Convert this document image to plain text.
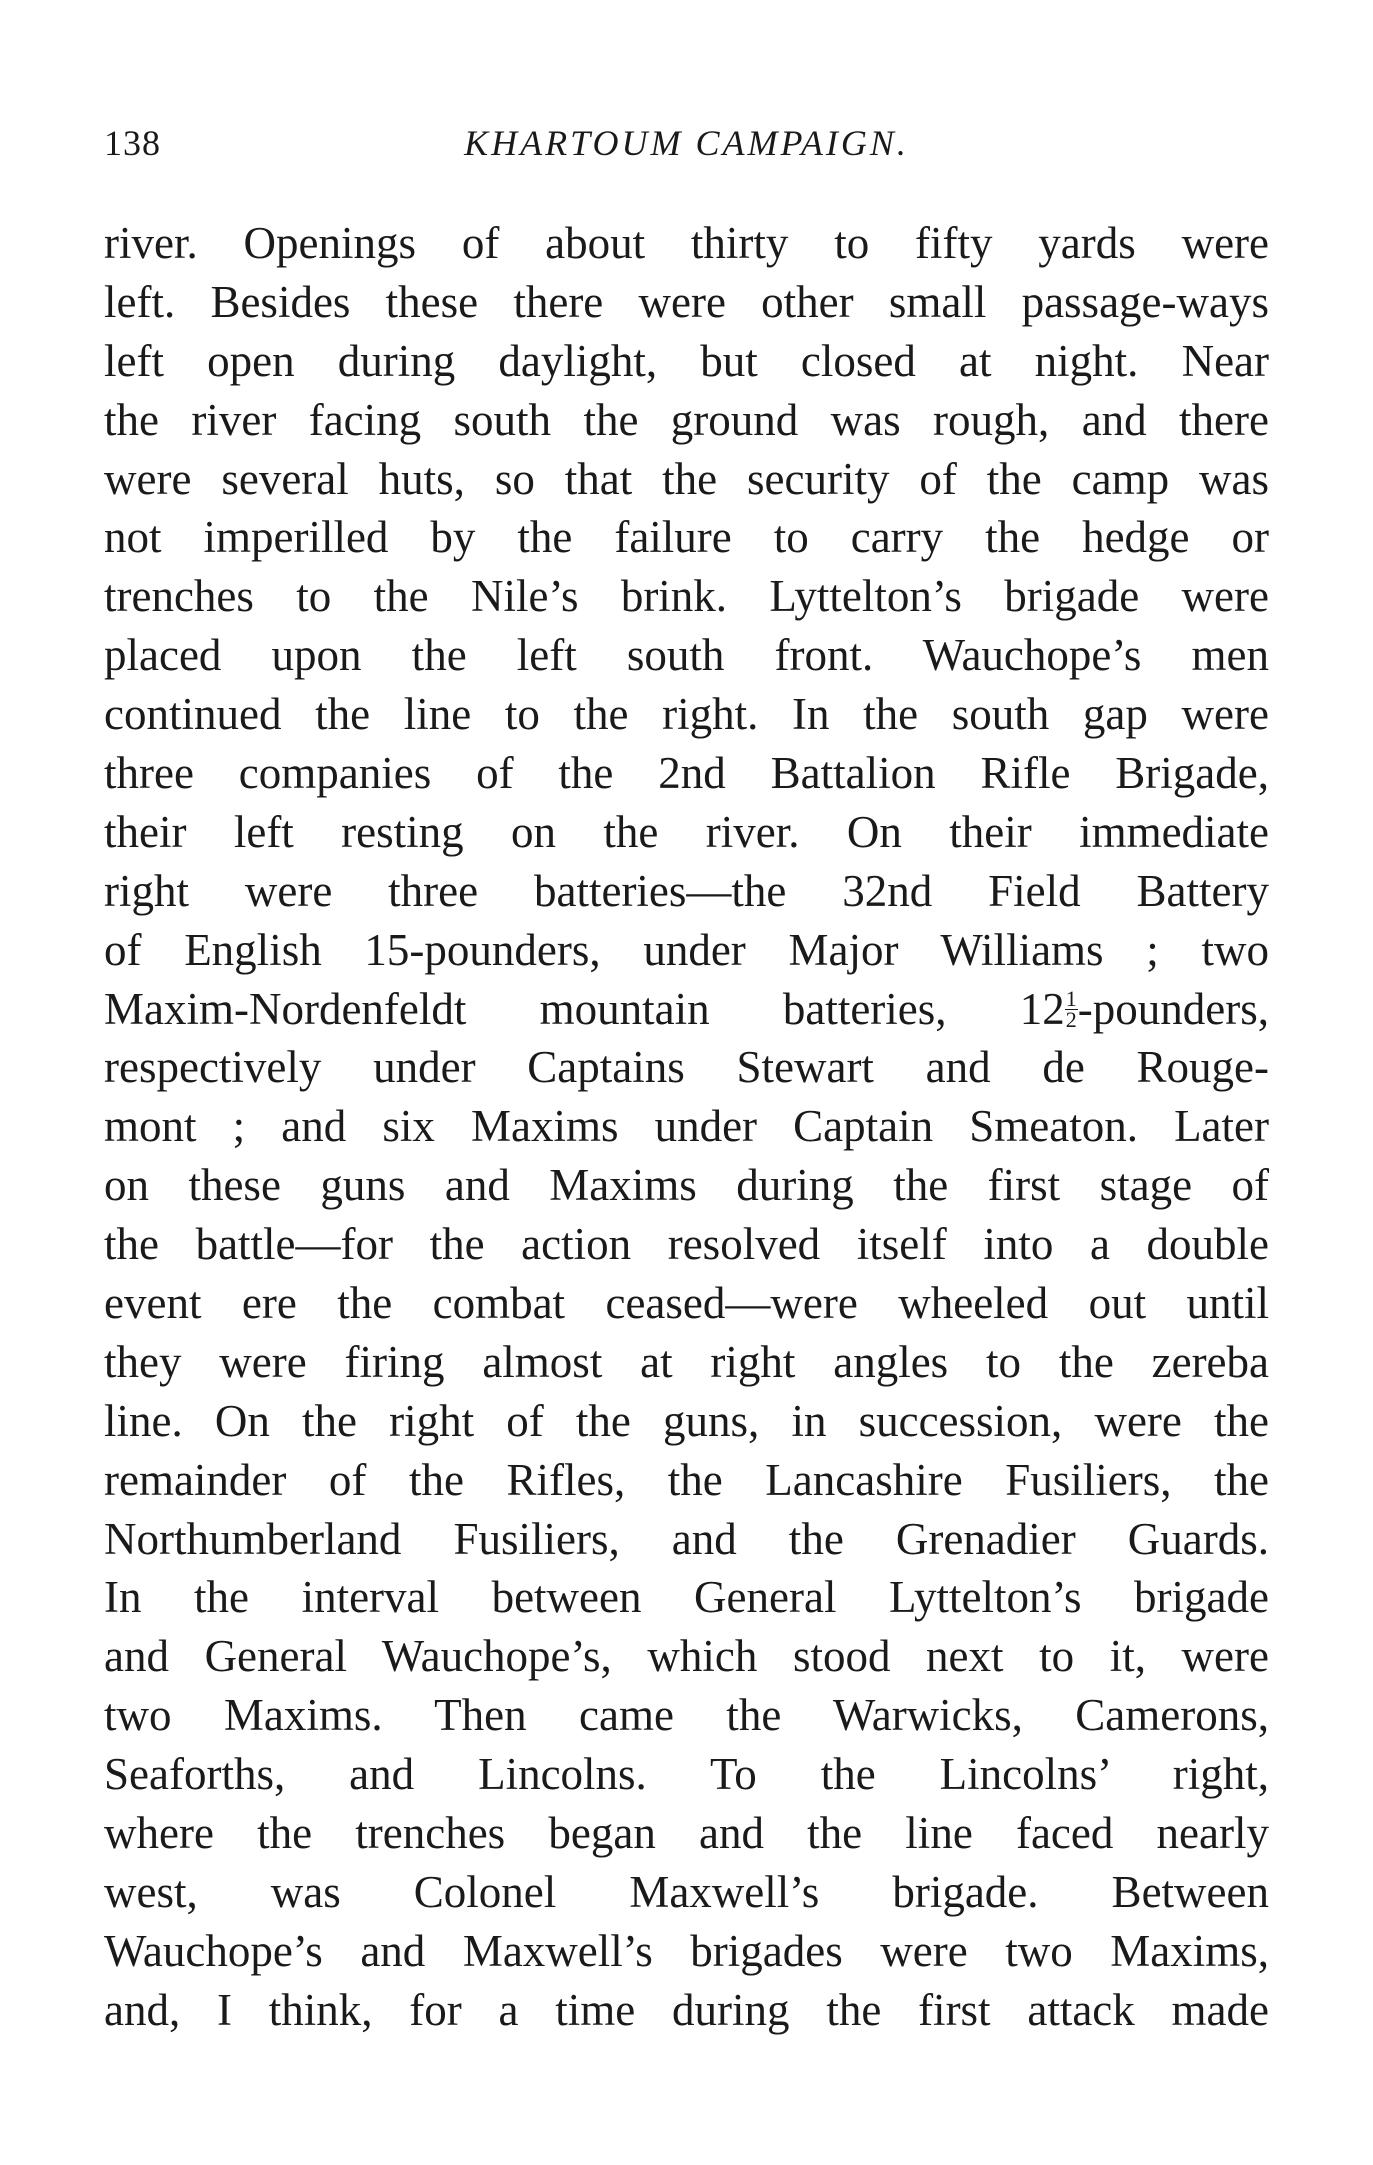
138	KHARTOUM CAMPAIGN.
river. Openings of about thirty to fifty yards were
left. Besides these there were other small passage-ways
left open during daylight, but closed at night. Near
the river facing south the ground was rough, and there
were several huts, so that the security of the camp was
not imperilled by the failure to carry the hedge or
trenches to the Nile’s brink. Lyttelton’s brigade were
placed upon the left south front. Wauchope’s men
continued the line to the right. In the south gap were
three companies of the 2nd Battalion Rifle Brigade,
their left resting on the river. On their immediate
right were three batteries—the 32nd Field Battery
of English 15-pounders, under Major Williams ; two
Maxim-Nordenfeldt mountain batteries, $12 \frac{1}{2}$ -pounders,
respectively under Captains Stewart and de Rouge-
mont ; and six Maxims under Captain Smeaton. Later
on these guns and Maxims during the first stage of
the battle—for the action resolved itself into a double
event ere the combat ceased—were wheeled out until
they were firing almost at right angles to the zereba
line. On the right of the guns, in succession, were the
remainder of the Rifles, the Lancashire Fusiliers, the
Northumberland Fusiliers, and the Grenadier Guards.
In the interval between General Lyttelton’s brigade
and General Wauchope’s, which stood next to it, were
two Maxims. Then came the Warwicks, Camerons,
Seaforths, and Lincolns. To the Lincolns’ right,
where the trenches began and the line faced nearly
west, was Colonel Maxwell’s brigade. Between
Wauchope’s and Maxwell’s brigades were two Maxims,
and, I think, for a time during the first attack made
